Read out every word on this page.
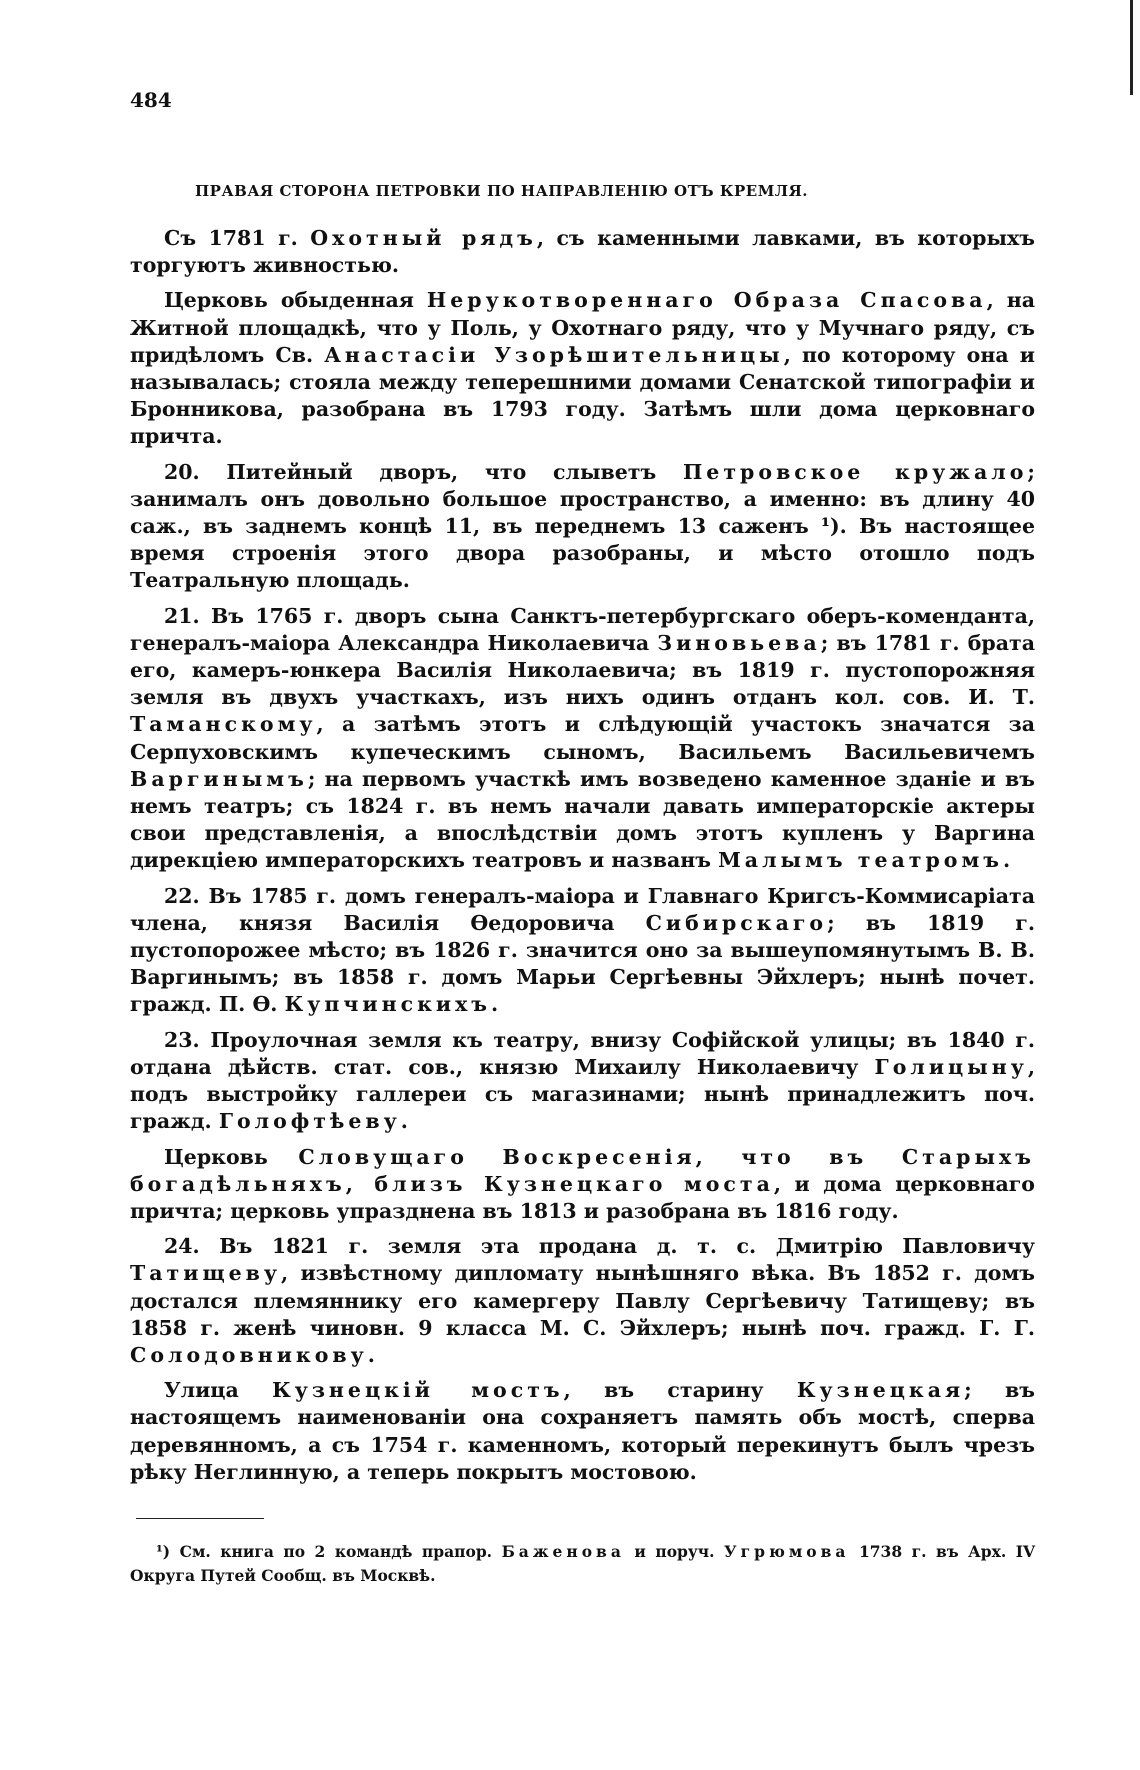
484
ПРАВАЯ СТОРОНА ПЕТРОВКИ ПО НАПРАВЛЕНІЮ ОТЪ КРЕМЛЯ.

Съ 1781 г. Охотный рядъ, съ каменными лавками, въ которыхъ торгуютъ живностью.

Церковь обыденная Нерукотвореннаго Образа Спасова, на Житной площадкѣ, что у Поль, у Охотнаго ряду, что у Мучнаго ряду, съ придѣломъ Св. Анастасіи Узорѣшительницы, по которому она и называлась; стояла между теперешними домами Сенатской типографіи и Бронникова, разобрана въ 1793 году. Затѣмъ шли дома церковнаго причта.

20. Питейный дворъ, что слыветъ Петровское кружало; занималъ онъ довольно большое пространство, а именно: въ длину 40 саж., въ заднемъ концѣ 11, въ переднемъ 13 саженъ ¹). Въ настоящее время строенія этого двора разобраны, и мѣсто отошло подъ Театральную площадь.

21. Въ 1765 г. дворъ сына Санктъ-петербургскаго оберъ-коменданта, генералъ-маіора Александра Николаевича Зиновьева; въ 1781 г. брата его, камеръ-юнкера Василія Николаевича; въ 1819 г. пустопорожняя земля въ двухъ участкахъ, изъ нихъ одинъ отданъ кол. сов. И. Т. Таманскому, а затѣмъ этотъ и слѣдующій участокъ значатся за Серпуховскимъ купеческимъ сыномъ, Васильемъ Васильевичемъ Варгинымъ; на первомъ участкѣ имъ возведено каменное зданіе и въ немъ театръ; съ 1824 г. въ немъ начали давать императорскіе актеры свои представленія, а впослѣдствіи домъ этотъ купленъ у Варгина дирекціею императорскихъ театровъ и названъ Малымъ театромъ.

22. Въ 1785 г. домъ генералъ-маіора и Главнаго Кригсъ-Коммисаріата члена, князя Василія Өедоровича Сибирскаго; въ 1819 г. пустопорожее мѣсто; въ 1826 г. значится оно за вышеупомянутымъ В. В. Варгинымъ; въ 1858 г. домъ Марьи Сергѣевны Эйхлеръ; нынѣ почет. гражд. П. Ѳ. Купчинскихъ.

23. Проулочная земля къ театру, внизу Софійской улицы; въ 1840 г. отдана дѣйств. стат. сов., князю Михаилу Николаевичу Голицыну, подъ выстройку галлереи съ магазинами; нынѣ принадлежитъ поч. гражд. Голофтѣеву.

Церковь Словущаго Воскресенія, что въ Старыхъ богадѣльняхъ, близъ Кузнецкаго моста, и дома церковнаго причта; церковь упразднена въ 1813 и разобрана въ 1816 году.

24. Въ 1821 г. земля эта продана д. т. с. Дмитрію Павловичу Татищеву, извѣстному дипломату нынѣшняго вѣка. Въ 1852 г. домъ достался племяннику его камергеру Павлу Сергѣевичу Татищеву; въ 1858 г. женѣ чиновн. 9 класса М. С. Эйхлеръ; нынѣ поч. гражд. Г. Г. Солодовникову.

Улица Кузнецкій мостъ, въ старину Кузнецкая; въ настоящемъ наименованіи она сохраняетъ память объ мостѣ, сперва деревянномъ, а съ 1754 г. каменномъ, который перекинутъ былъ чрезъ рѣку Неглинную, а теперь покрытъ мостовою.

¹) См. книга по 2 командѣ прапор. Баженова и поруч. Угрюмова 1738 г. въ Арх. IV Округа Путей Сообщ. въ Москвѣ.
